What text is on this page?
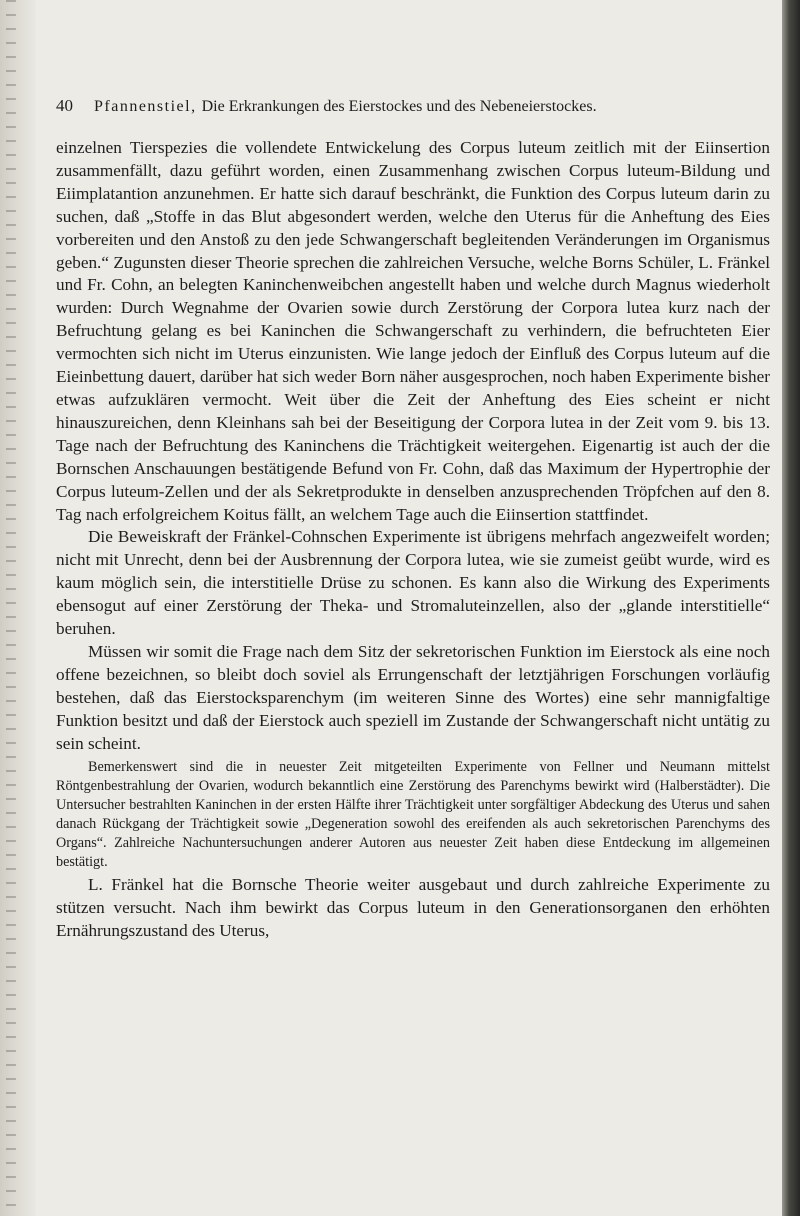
40	Pfannenstiel, Die Erkrankungen des Eierstockes und des Nebeneierstockes.

einzelnen Tierspezies die vollendete Entwickelung des Corpus luteum zeitlich mit der Eiinsertion zusammenfällt, dazu geführt worden, einen Zusammenhang zwischen Corpus luteum-Bildung und Eiimplatantion anzunehmen. Er hatte sich darauf beschränkt, die Funktion des Corpus luteum darin zu suchen, daß „Stoffe in das Blut abgesondert werden, welche den Uterus für die Anheftung des Eies vorbereiten und den Anstoß zu den jede Schwangerschaft begleitenden Veränderungen im Organismus geben.“ Zugunsten dieser Theorie sprechen die zahlreichen Versuche, welche Borns Schüler, L. Fränkel und Fr. Cohn, an belegten Kaninchenweibchen angestellt haben und welche durch Magnus wiederholt wurden: Durch Wegnahme der Ovarien sowie durch Zerstörung der Corpora lutea kurz nach der Befruchtung gelang es bei Kaninchen die Schwangerschaft zu verhindern, die befruchteten Eier vermochten sich nicht im Uterus einzunisten. Wie lange jedoch der Einfluß des Corpus luteum auf die Eieinbettung dauert, darüber hat sich weder Born näher ausgesprochen, noch haben Experimente bisher etwas aufzuklären vermocht. Weit über die Zeit der Anheftung des Eies scheint er nicht hinauszureichen, denn Kleinhans sah bei der Beseitigung der Corpora lutea in der Zeit vom 9. bis 13. Tage nach der Befruchtung des Kaninchens die Trächtigkeit weitergehen. Eigenartig ist auch der die Bornschen Anschauungen bestätigende Befund von Fr. Cohn, daß das Maximum der Hypertrophie der Corpus luteum-Zellen und der als Sekretprodukte in denselben anzusprechenden Tröpfchen auf den 8. Tag nach erfolgreichem Koitus fällt, an welchem Tage auch die Eiinsertion stattfindet.

Die Beweiskraft der Fränkel-Cohnschen Experimente ist übrigens mehrfach angezweifelt worden; nicht mit Unrecht, denn bei der Ausbrennung der Corpora lutea, wie sie zumeist geübt wurde, wird es kaum möglich sein, die interstitielle Drüse zu schonen. Es kann also die Wirkung des Experiments ebensogut auf einer Zerstörung der Theka- und Stromaluteinzellen, also der „glande interstitielle“ beruhen.

Müssen wir somit die Frage nach dem Sitz der sekretorischen Funktion im Eierstock als eine noch offene bezeichnen, so bleibt doch soviel als Errungenschaft der letztjährigen Forschungen vorläufig bestehen, daß das Eierstocksparenchym (im weiteren Sinne des Wortes) eine sehr mannigfaltige Funktion besitzt und daß der Eierstock auch speziell im Zustande der Schwangerschaft nicht untätig zu sein scheint.

Bemerkenswert sind die in neuester Zeit mitgeteilten Experimente von Fellner und Neumann mittelst Röntgenbestrahlung der Ovarien, wodurch bekanntlich eine Zerstörung des Parenchyms bewirkt wird (Halberstädter). Die Untersucher bestrahlten Kaninchen in der ersten Hälfte ihrer Trächtigkeit unter sorgfältiger Abdeckung des Uterus und sahen danach Rückgang der Trächtigkeit sowie „Degeneration sowohl des ereifenden als auch sekretorischen Parenchyms des Organs“. Zahlreiche Nachuntersuchungen anderer Autoren aus neuester Zeit haben diese Entdeckung im allgemeinen bestätigt.

L. Fränkel hat die Bornsche Theorie weiter ausgebaut und durch zahlreiche Experimente zu stützen versucht. Nach ihm bewirkt das Corpus luteum in den Generationsorganen den erhöhten Ernährungszustand des Uterus,
